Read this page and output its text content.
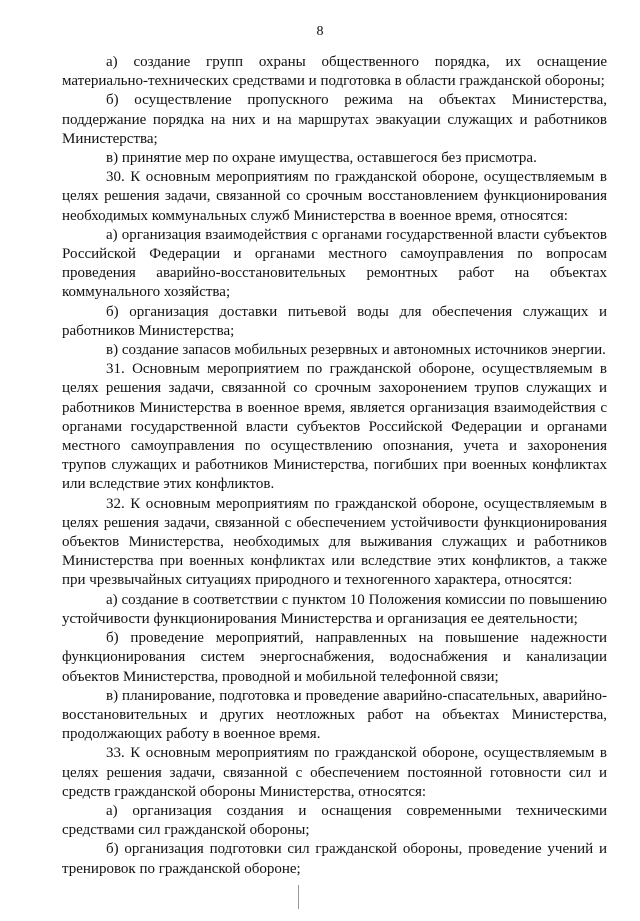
8

а) создание групп охраны общественного порядка, их оснащение материально-технических средствами и подготовка в области гражданской обороны;

б) осуществление пропускного режима на объектах Министерства, поддержание порядка на них и на маршрутах эвакуации служащих и работников Министерства;

в) принятие мер по охране имущества, оставшегося без присмотра.

30. К основным мероприятиям по гражданской обороне, осуществляемым в целях решения задачи, связанной со срочным восстановлением функционирования необходимых коммунальных служб Министерства в военное время, относятся:

а) организация взаимодействия с органами государственной власти субъектов Российской Федерации и органами местного самоуправления по вопросам проведения аварийно-восстановительных ремонтных работ на объектах коммунального хозяйства;

б) организация доставки питьевой воды для обеспечения служащих и работников Министерства;

в) создание запасов мобильных резервных и автономных источников энергии.

31. Основным мероприятием по гражданской обороне, осуществляемым в целях решения задачи, связанной со срочным захоронением трупов служащих и работников Министерства в военное время, является организация взаимодействия с органами государственной власти субъектов Российской Федерации и органами местного самоуправления по осуществлению опознания, учета и захоронения трупов служащих и работников Министерства, погибших при военных конфликтах или вследствие этих конфликтов.

32. К основным мероприятиям по гражданской обороне, осуществляемым в целях решения задачи, связанной с обеспечением устойчивости функционирования объектов Министерства, необходимых для выживания служащих и работников Министерства при военных конфликтах или вследствие этих конфликтов, а также при чрезвычайных ситуациях природного и техногенного характера, относятся:

а) создание в соответствии с пунктом 10 Положения комиссии по повышению устойчивости функционирования Министерства и организация ее деятельности;

б) проведение мероприятий, направленных на повышение надежности функционирования систем энергоснабжения, водоснабжения и канализации объектов Министерства, проводной и мобильной телефонной связи;

в) планирование, подготовка и проведение аварийно-спасательных, аварийно-восстановительных и других неотложных работ на объектах Министерства, продолжающих работу в военное время.

33. К основным мероприятиям по гражданской обороне, осуществляемым в целях решения задачи, связанной с обеспечением постоянной готовности сил и средств гражданской обороны Министерства, относятся:

а) организация создания и оснащения современными техническими средствами сил гражданской обороны;

б) организация подготовки сил гражданской обороны, проведение учений и тренировок по гражданской обороне;
